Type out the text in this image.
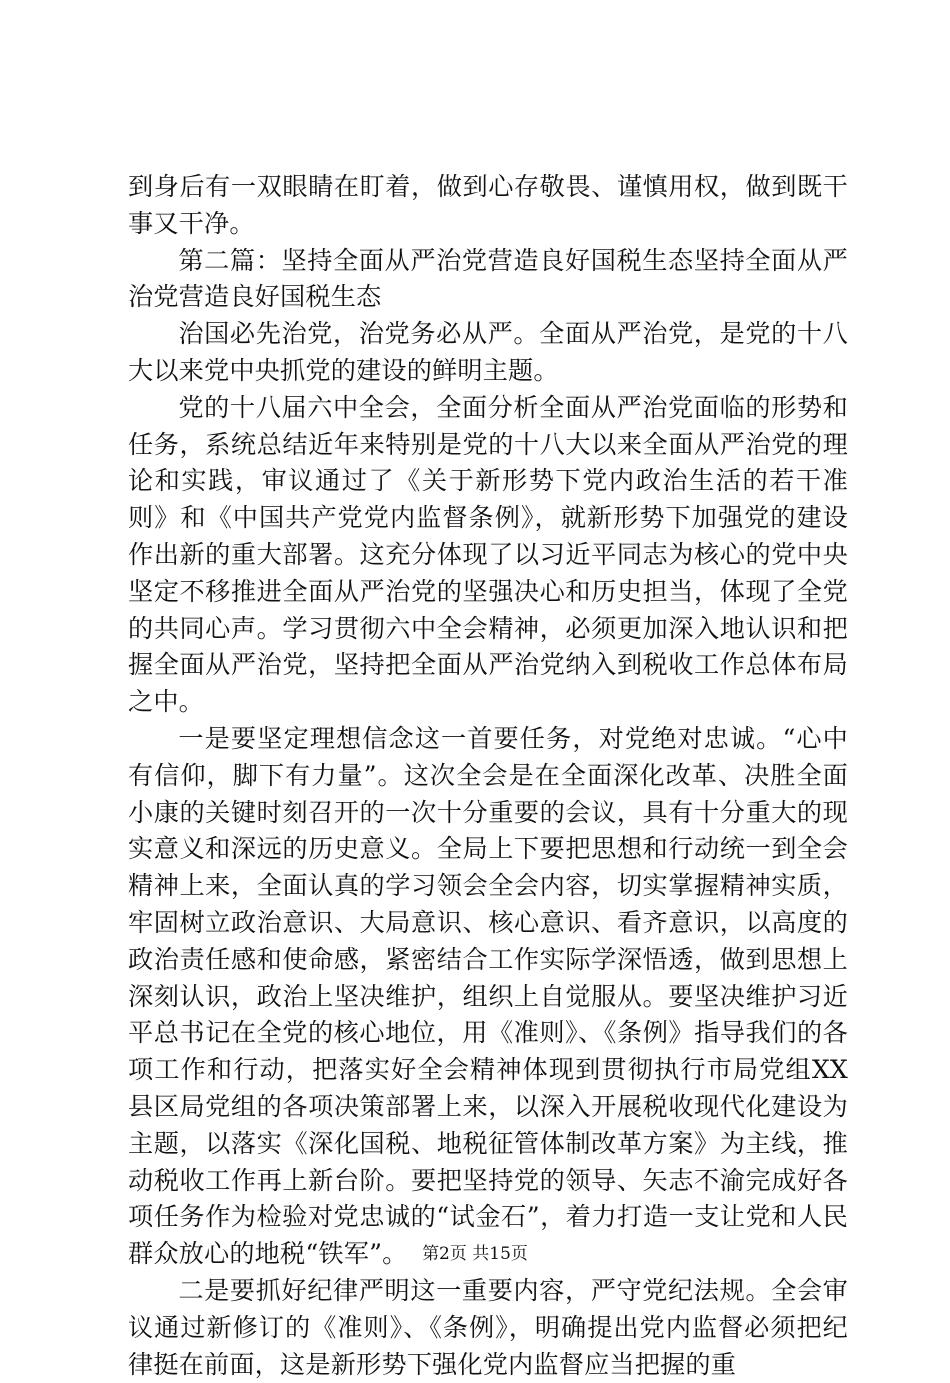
到身后有一双眼睛在盯着，做到心存敬畏、谨慎用权，做到既干事又干净。

第二篇：坚持全面从严治党营造良好国税生态坚持全面从严治党营造良好国税生态

治国必先治党，治党务必从严。全面从严治党，是党的十八大以来党中央抓党的建设的鲜明主题。

党的十八届六中全会，全面分析全面从严治党面临的形势和任务，系统总结近年来特别是党的十八大以来全面从严治党的理论和实践，审议通过了《关于新形势下党内政治生活的若干准则》和《中国共产党党内监督条例》，就新形势下加强党的建设作出新的重大部署。这充分体现了以习近平同志为核心的党中央坚定不移推进全面从严治党的坚强决心和历史担当，体现了全党的共同心声。学习贯彻六中全会精神，必须更加深入地认识和把握全面从严治党，坚持把全面从严治党纳入到税收工作总体布局之中。

一是要坚定理想信念这一首要任务，对党绝对忠诚。“心中有信仰，脚下有力量”。这次全会是在全面深化改革、决胜全面小康的关键时刻召开的一次十分重要的会议，具有十分重大的现实意义和深远的历史意义。全局上下要把思想和行动统一到全会精神上来，全面认真的学习领会全会内容，切实掌握精神实质，牢固树立政治意识、大局意识、核心意识、看齐意识，以高度的政治责任感和使命感，紧密结合工作实际学深悟透，做到思想上深刻认识，政治上坚决维护，组织上自觉服从。要坚决维护习近平总书记在全党的核心地位，用《准则》、《条例》指导我们的各项工作和行动，把落实好全会精神体现到贯彻执行市局党组XX县区局党组的各项决策部署上来，以深入开展税收现代化建设为主题，以落实《深化国税、地税征管体制改革方案》为主线，推动税收工作再上新台阶。要把坚持党的领导、矢志不渝完成好各项任务作为检验对党忠诚的“试金石”，着力打造一支让党和人民群众放心的地税“铁军”。

二是要抓好纪律严明这一重要内容，严守党纪法规。全会审议通过新修订的《准则》、《条例》，明确提出党内监督必须把纪律挺在前面，这是新形势下强化党内监督应当把握的重

第2页 共15页
